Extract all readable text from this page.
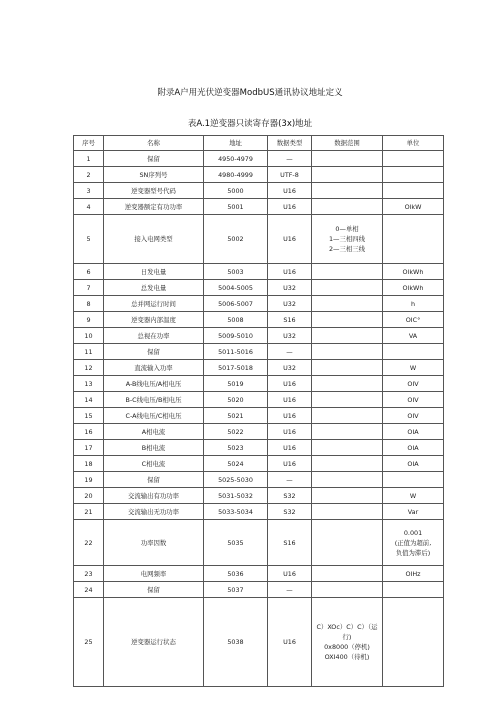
附录A户用光伏逆变器ModbUS通讯协议地址定义
表A.1逆变器只读寄存器(3x)地址
序号	名称	地址	数据类型	数据范围	单位
1	保留	4950-4979	—		
2	SN序列号	4980-4999	UTF-8		
3	逆变器型号代码	5000	U16		
4	逆变器额定有功功率	5001	U16		OlkW
5	接入电网类型	5002	U16	0—单相
1—三相四线
2—三相三线	

6	日发电量	5003	U16		OlkWh
7	总发电量	5004-5005	U32		OlkWh
8	总并网运行时间	5006-5007	U32		h
9	逆变器内部温度	5008	S16		OIC°
10	总视在功率	5009-5010	U32		VA
11	保留	5011-5016	—		
12	直流输入功率	5017-5018	U32		W
13	A-B线电压/A相电压	5019	U16		OIV
14	B-C线电压/B相电压	5020	U16		OIV
15	C-A线电压/C相电压	5021	U16		OIV
16	A相电流	5022	U16		OIA
17	B相电流	5023	U16		OIA
18	C相电流	5024	U16		OIA
19	保留	5025-5030	—		
20	交流输出有功功率	5031-5032	S32		W
21	交流输出无功功率	5033-5034	S32		Var
22	功率因数	5035	S16		0.001
(正值为超前,
负值为滞后)

23	电网频率	5036	U16		OIHz
24	保留	5037	—		
25	逆变器运行状态	5038	U16	C）XOc）C）C）（运
行)
0x8000（停机)
OXI400（待机)	
